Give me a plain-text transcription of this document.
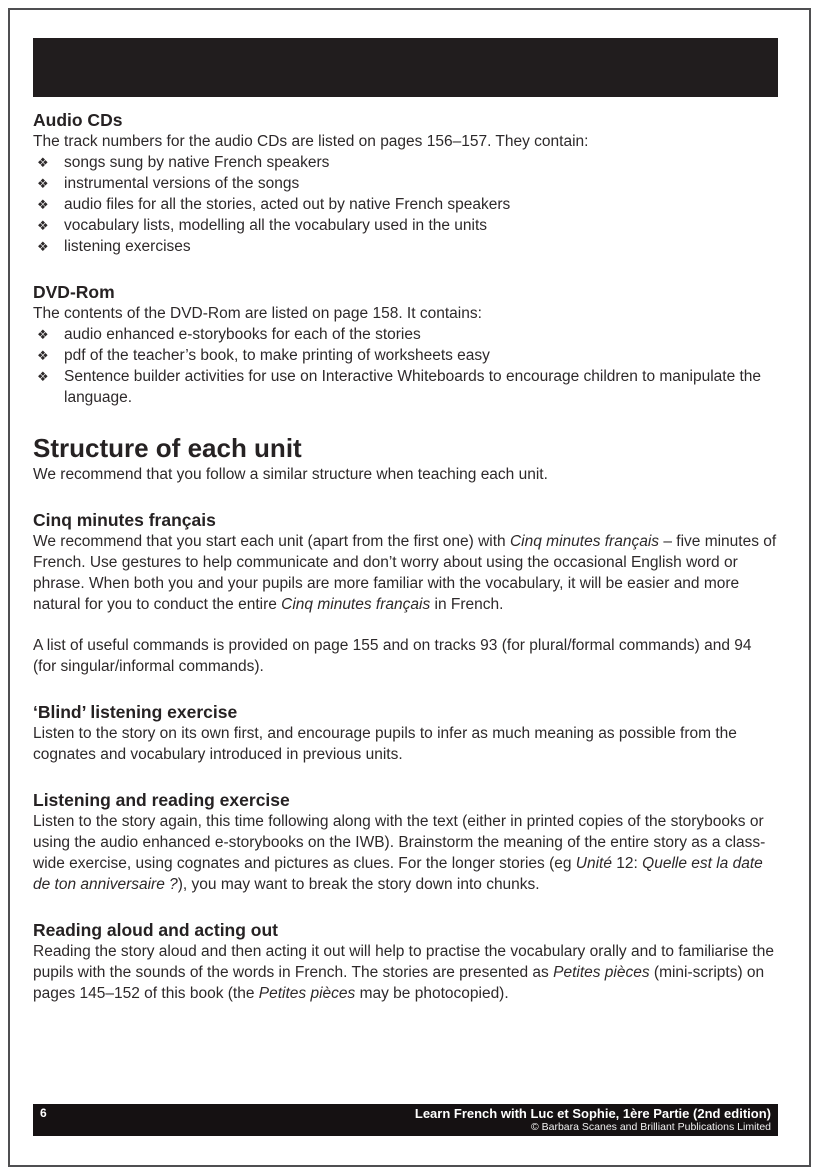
Audio CDs

The track numbers for the audio CDs are listed on pages 156–157. They contain:

❖ songs sung by native French speakers
❖ instrumental versions of the songs
❖ audio files for all the stories, acted out by native French speakers
❖ vocabulary lists, modelling all the vocabulary used in the units
❖ listening exercises
DVD-Rom

The contents of the DVD-Rom are listed on page 158. It contains:

❖ audio enhanced e-storybooks for each of the stories
❖ pdf of the teacher’s book, to make printing of worksheets easy
❖ Sentence builder activities for use on Interactive Whiteboards to encourage children to manipulate the language.
Structure of each unit

We recommend that you follow a similar structure when teaching each unit.

Cinq minutes français

We recommend that you start each unit (apart from the first one) with Cinq minutes français – five minutes of French. Use gestures to help communicate and don’t worry about using the occasional English word or phrase. When both you and your pupils are more familiar with the vocabulary, it will be easier and more natural for you to conduct the entire Cinq minutes français in French.

A list of useful commands is provided on page 155 and on tracks 93 (for plural/formal commands) and 94 (for singular/informal commands).

‘Blind’ listening exercise

Listen to the story on its own first, and encourage pupils to infer as much meaning as possible from the cognates and vocabulary introduced in previous units.

Listening and reading exercise

Listen to the story again, this time following along with the text (either in printed copies of the storybooks or using the audio enhanced e-storybooks on the IWB). Brainstorm the meaning of the entire story as a class-wide exercise, using cognates and pictures as clues. For the longer stories (eg Unité 12: Quelle est la date de ton anniversaire ?), you may want to break the story down into chunks.

Reading aloud and acting out

Reading the story aloud and then acting it out will help to practise the vocabulary orally and to familiarise the pupils with the sounds of the words in French. The stories are presented as Petites pièces (mini-scripts) on pages 145–152 of this book (the Petites pièces may be photocopied).

6	Learn French with Luc et Sophie, 1ère Partie (2nd edition)
© Barbara Scanes and Brilliant Publications Limited
